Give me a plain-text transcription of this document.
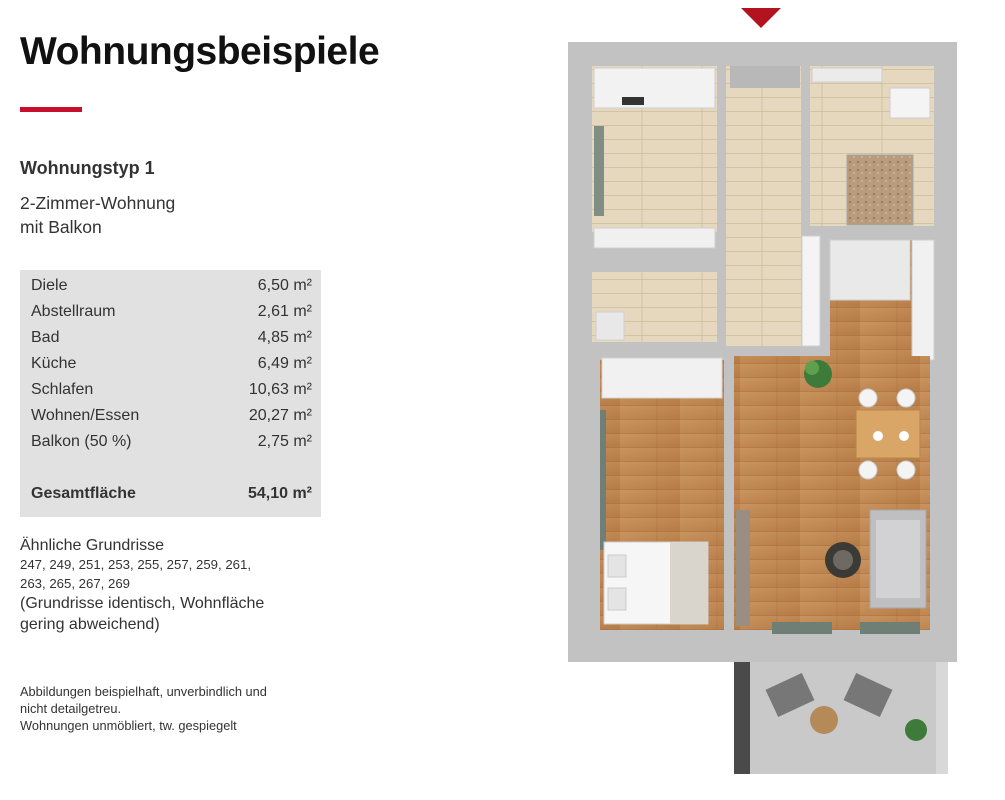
Wohnungsbeispiele
Wohnungstyp 1
2-Zimmer-Wohnung
mit Balkon
Diele	6,50 m²
Abstellraum	2,61 m²
Bad	4,85 m²
Küche	6,49 m²
Schlafen	10,63 m²
Wohnen/Essen	20,27 m²
Balkon (50 %)	2,75 m²
Gesamtfläche	54,10 m²
Ähnliche Grundrisse
247, 249, 251, 253, 255, 257, 259, 261,
263, 265, 267, 269
(Grundrisse identisch, Wohnfläche
gering abweichend)
Abbildungen beispielhaft, unverbindlich und
nicht detailgetreu.
Wohnungen unmöbliert, tw. gespiegelt
